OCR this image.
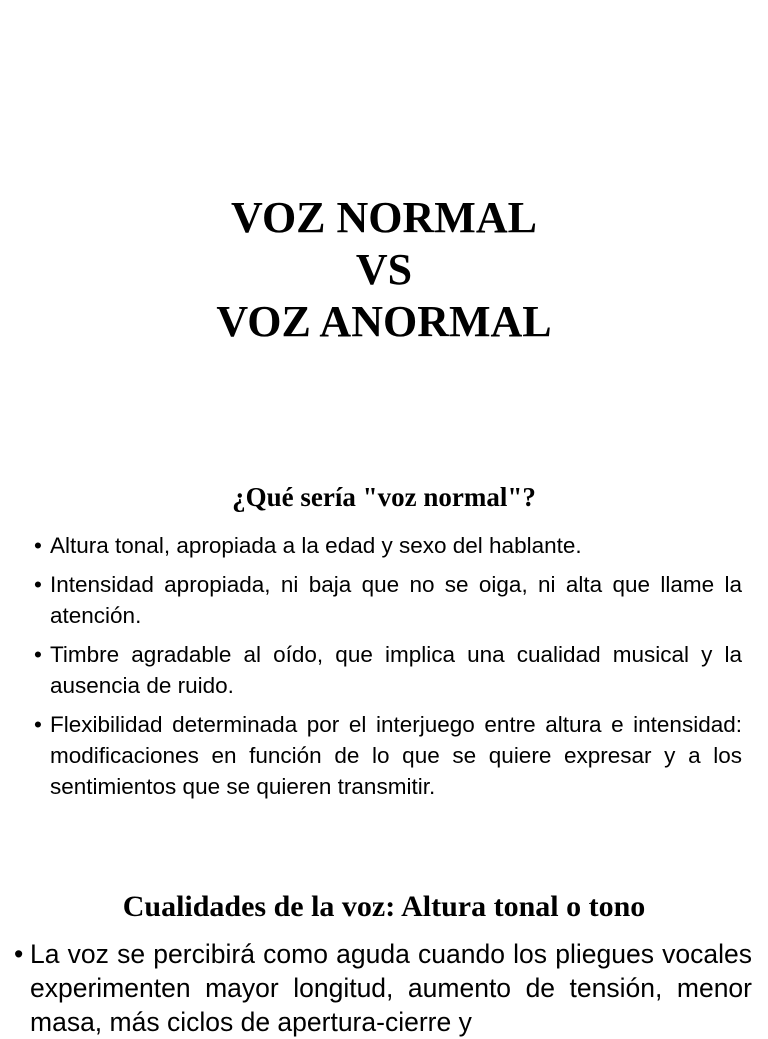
VOZ NORMAL
VS
VOZ ANORMAL
¿Qué sería "voz normal"?
• Altura tonal, apropiada a la edad y sexo del hablante.
• Intensidad apropiada, ni baja que no se oiga, ni alta que llame la atención.
• Timbre agradable al oído, que implica una cualidad musical y la ausencia de ruido.
• Flexibilidad determinada por el interjuego entre altura e intensidad: modificaciones en función de lo que se quiere expresar y a los sentimientos que se quieren transmitir.
Cualidades de la voz: Altura tonal o tono
• La voz se percibirá como aguda cuando los pliegues vocales experimenten mayor longitud, aumento de tensión, menor masa, más ciclos de apertura-cierre y
